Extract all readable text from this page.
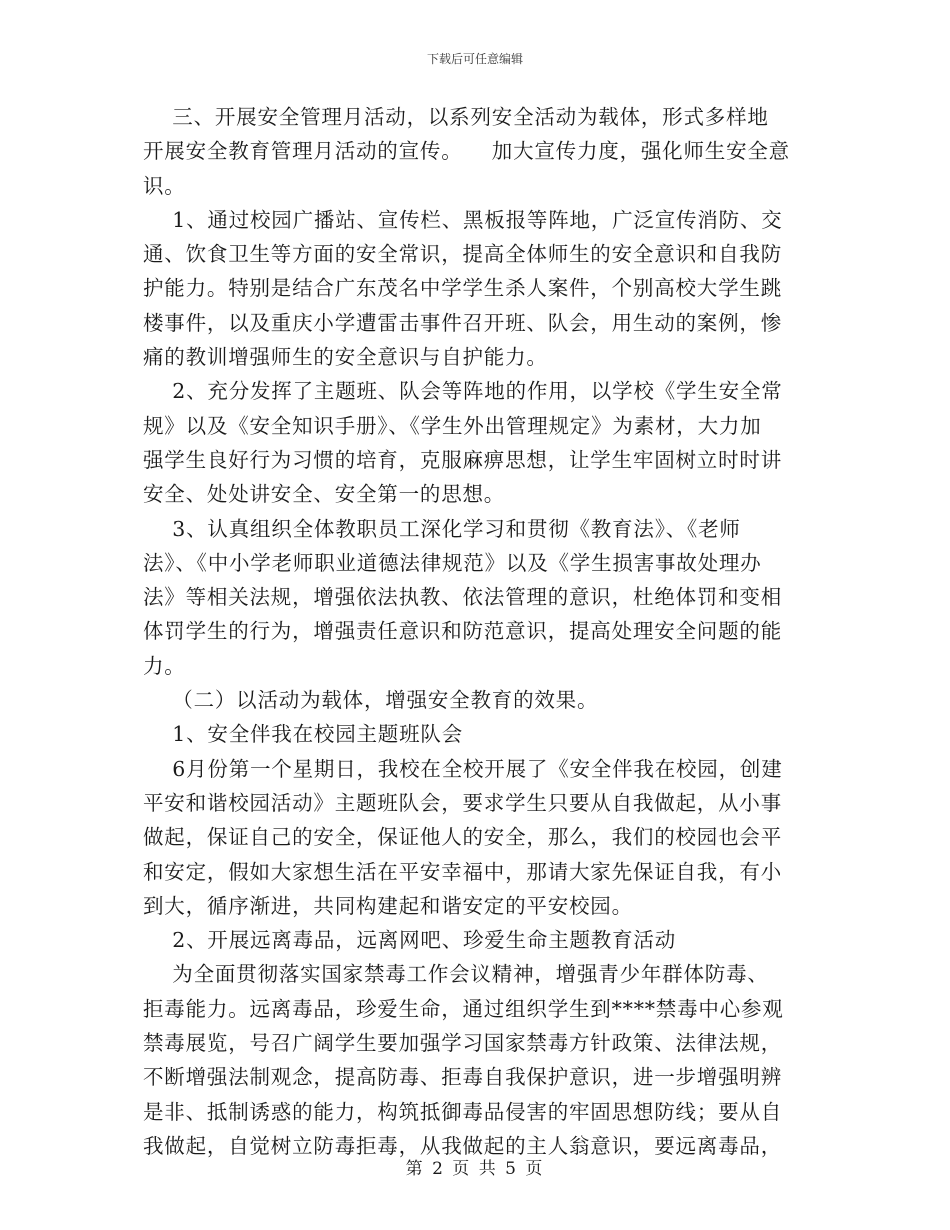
下载后可任意编辑
三、开展安全管理月活动，以系列安全活动为载体，形式多样地
开展安全教育管理月活动的宣传。    加大宣传力度，强化师生安全意
识。
1、通过校园广播站、宣传栏、黑板报等阵地，广泛宣传消防、交
通、饮食卫生等方面的安全常识，提高全体师生的安全意识和自我防
护能力。特别是结合广东茂名中学学生杀人案件，个别高校大学生跳
楼事件，以及重庆小学遭雷击事件召开班、队会，用生动的案例，惨
痛的教训增强师生的安全意识与自护能力。
2、充分发挥了主题班、队会等阵地的作用，以学校《学生安全常
规》以及《安全知识手册》、《学生外出管理规定》为素材，大力加
强学生良好行为习惯的培育，克服麻痹思想，让学生牢固树立时时讲
安全、处处讲安全、安全第一的思想。
3、认真组织全体教职员工深化学习和贯彻《教育法》、《老师
法》、《中小学老师职业道德法律规范》以及《学生损害事故处理办
法》等相关法规，增强依法执教、依法管理的意识，杜绝体罚和变相
体罚学生的行为，增强责任意识和防范意识，提高处理安全问题的能
力。
（二）以活动为载体，增强安全教育的效果。
1、安全伴我在校园主题班队会
6月份第一个星期日，我校在全校开展了《安全伴我在校园，创建
平安和谐校园活动》主题班队会，要求学生只要从自我做起，从小事
做起，保证自己的安全，保证他人的安全，那么，我们的校园也会平
和安定，假如大家想生活在平安幸福中，那请大家先保证自我，有小
到大，循序渐进，共同构建起和谐安定的平安校园。
2、开展远离毒品，远离网吧、珍爱生命主题教育活动
为全面贯彻落实国家禁毒工作会议精神，增强青少年群体防毒、
拒毒能力。远离毒品，珍爱生命，通过组织学生到****禁毒中心参观
禁毒展览，号召广阔学生要加强学习国家禁毒方针政策、法律法规，
不断增强法制观念，提高防毒、拒毒自我保护意识，进一步增强明辨
是非、抵制诱惑的能力，构筑抵御毒品侵害的牢固思想防线；要从自
我做起，自觉树立防毒拒毒，从我做起的主人翁意识，要远离毒品，
第 2 页 共 5 页
